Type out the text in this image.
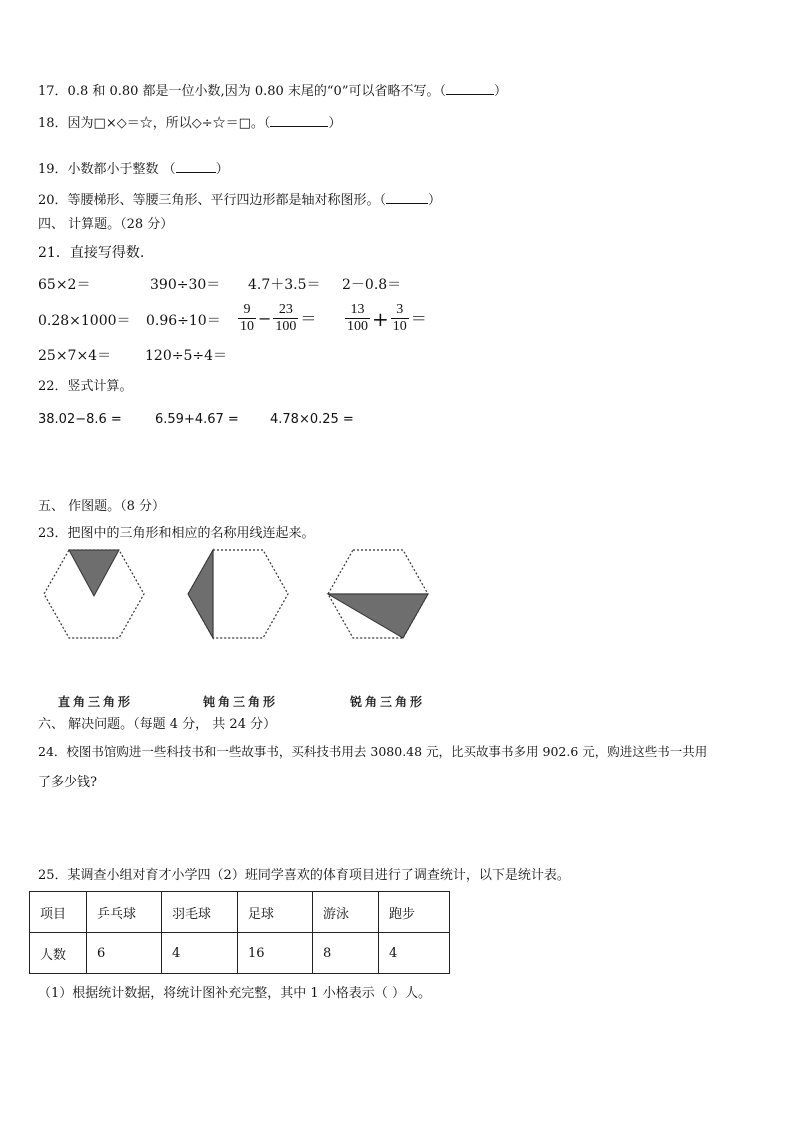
17．0.8 和 0.80 都是一位小数,因为 0.80 末尾的“0”可以省略不写。（	）
18．因为□×◇＝☆，所以◇÷☆＝□。（	）
19．小数都小于整数 （	）
20．等腰梯形、等腰三角形、平行四边形都是轴对称图形。（	）
四、 计算题。（28 分）
21．直接写得数.
65×2＝	390÷30＝ 4.7＋3.5＝ 2－0.8＝
$0.28\times 1000= 0.96\div 10= \frac{9}{10} - \frac{23}{100} = \frac{13}{100} + \frac{3}{10}$ ＝
25×7×4＝ 120÷5÷4＝
22．竖式计算。
38.02−8.6 =	6.59+4.67 = 4.78×0.25 =
五、 作图题。（8 分）
23．把图中的三角形和相应的名称用线连起来。
直角三角形	钝角三角形	锐角三角形
六、 解决问题。（每题 4 分， 共 24 分）
24．校图书馆购进一些科技书和一些故事书，买科技书用去 3080.48 元，比买故事书多用 902.6 元，购进这些书一共用
了多少钱?
25．某调查小组对育才小学四（2）班同学喜欢的体育项目进行了调查统计，以下是统计表。
项目	乒乓球	羽毛球	足球	游泳	跑步
人数	6	4	16	8	4
（1）根据统计数据，将统计图补充完整，其中 1 小格表示（ ）人。
